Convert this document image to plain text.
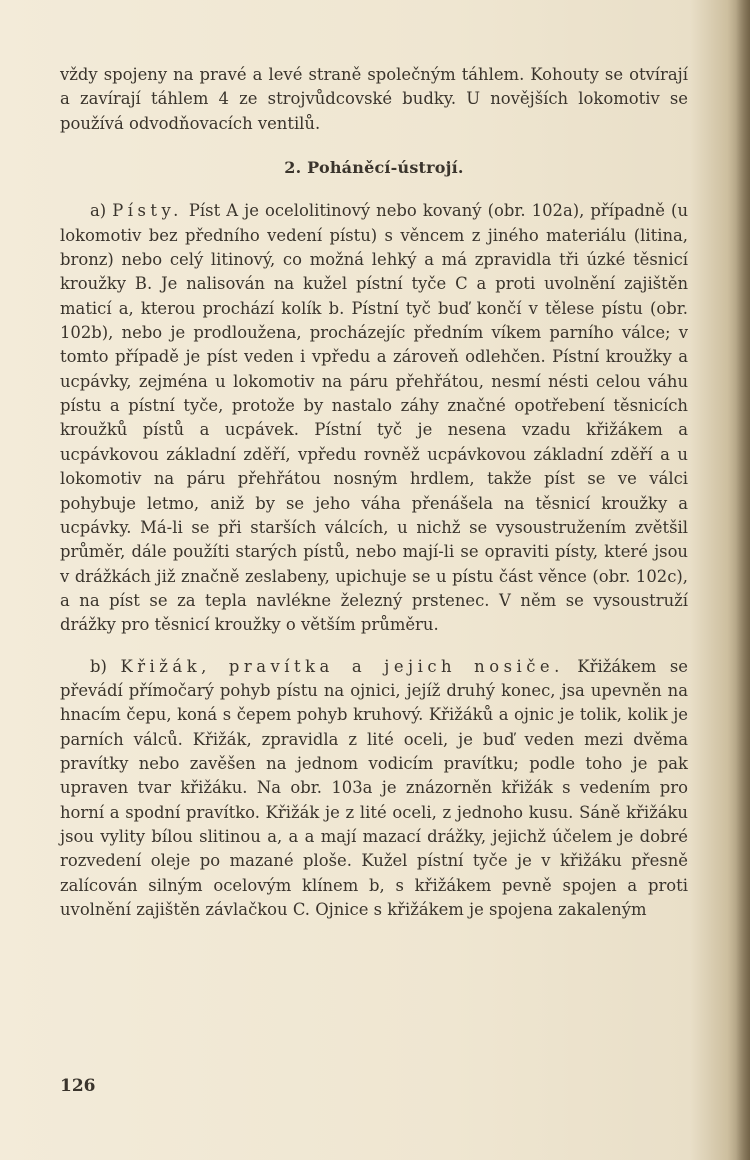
vždy spojeny na pravé a levé straně společným táhlem. Kohouty se otvírají a zavírají táhlem 4 ze strojvůdcovské budky. U novějších lokomotiv se používá odvodňovacích ventilů.

2. Poháněcí-ústrojí.

a) Písty. Píst A je ocelolitinový nebo kovaný (obr. 102a), případně (u lokomotiv bez předního vedení pístu) s věncem z jiného materiálu (litina, bronz) nebo celý litinový, co možná lehký a má zpravidla tři úzké těsnicí kroužky B. Je nalisován na kužel pístní tyče C a proti uvolnění zajištěn maticí a, kterou prochází kolík b. Pístní tyč buď končí v tělese pístu (obr. 102b), nebo je prodloužena, procházejíc předním víkem parního válce; v tomto případě je píst veden i vpředu a zároveň odlehčen. Pístní kroužky a ucpávky, zejména u lokomotiv na páru přehřátou, nesmí nésti celou váhu pístu a pístní tyče, protože by nastalo záhy značné opotřebení těsnicích kroužků pístů a ucpávek. Pístní tyč je nesena vzadu křižákem a ucpávkovou základní zděří, vpředu rovněž ucpávkovou základní zděří a u lokomotiv na páru přehřátou nosným hrdlem, takže píst se ve válci pohybuje letmo, aniž by se jeho váha přenášela na těsnicí kroužky a ucpávky. Má-li se při starších válcích, u nichž se vysoustružením zvětšil průměr, dále použíti starých pístů, nebo mají-li se opraviti písty, které jsou v drážkách již značně zeslabeny, upichuje se u pístu část věnce (obr. 102c), a na píst se za tepla navlékne železný prstenec. V něm se vysoustruží drážky pro těsnicí kroužky o větším průměru.

b) Křižák, pravítka a jejich nosiče. Křižákem se převádí přímočarý pohyb pístu na ojnici, jejíž druhý konec, jsa upevněn na hnacím čepu, koná s čepem pohyb kruhový. Křižáků a ojnic je tolik, kolik je parních válců. Křižák, zpravidla z lité oceli, je buď veden mezi dvěma pravítky nebo zavěšen na jednom vodicím pravítku; podle toho je pak upraven tvar křižáku. Na obr. 103a je znázorněn křižák s vedením pro horní a spodní pravítko. Křižák je z lité oceli, z jednoho kusu. Sáně křižáku jsou vylity bílou slitinou a, a a mají mazací drážky, jejichž účelem je dobré rozvedení oleje po mazané ploše. Kužel pístní tyče je v křižáku přesně zalícován silným ocelovým klínem b, s křižákem pevně spojen a proti uvolnění zajištěn závlačkou C. Ojnice s křižákem je spojena zakaleným

126
